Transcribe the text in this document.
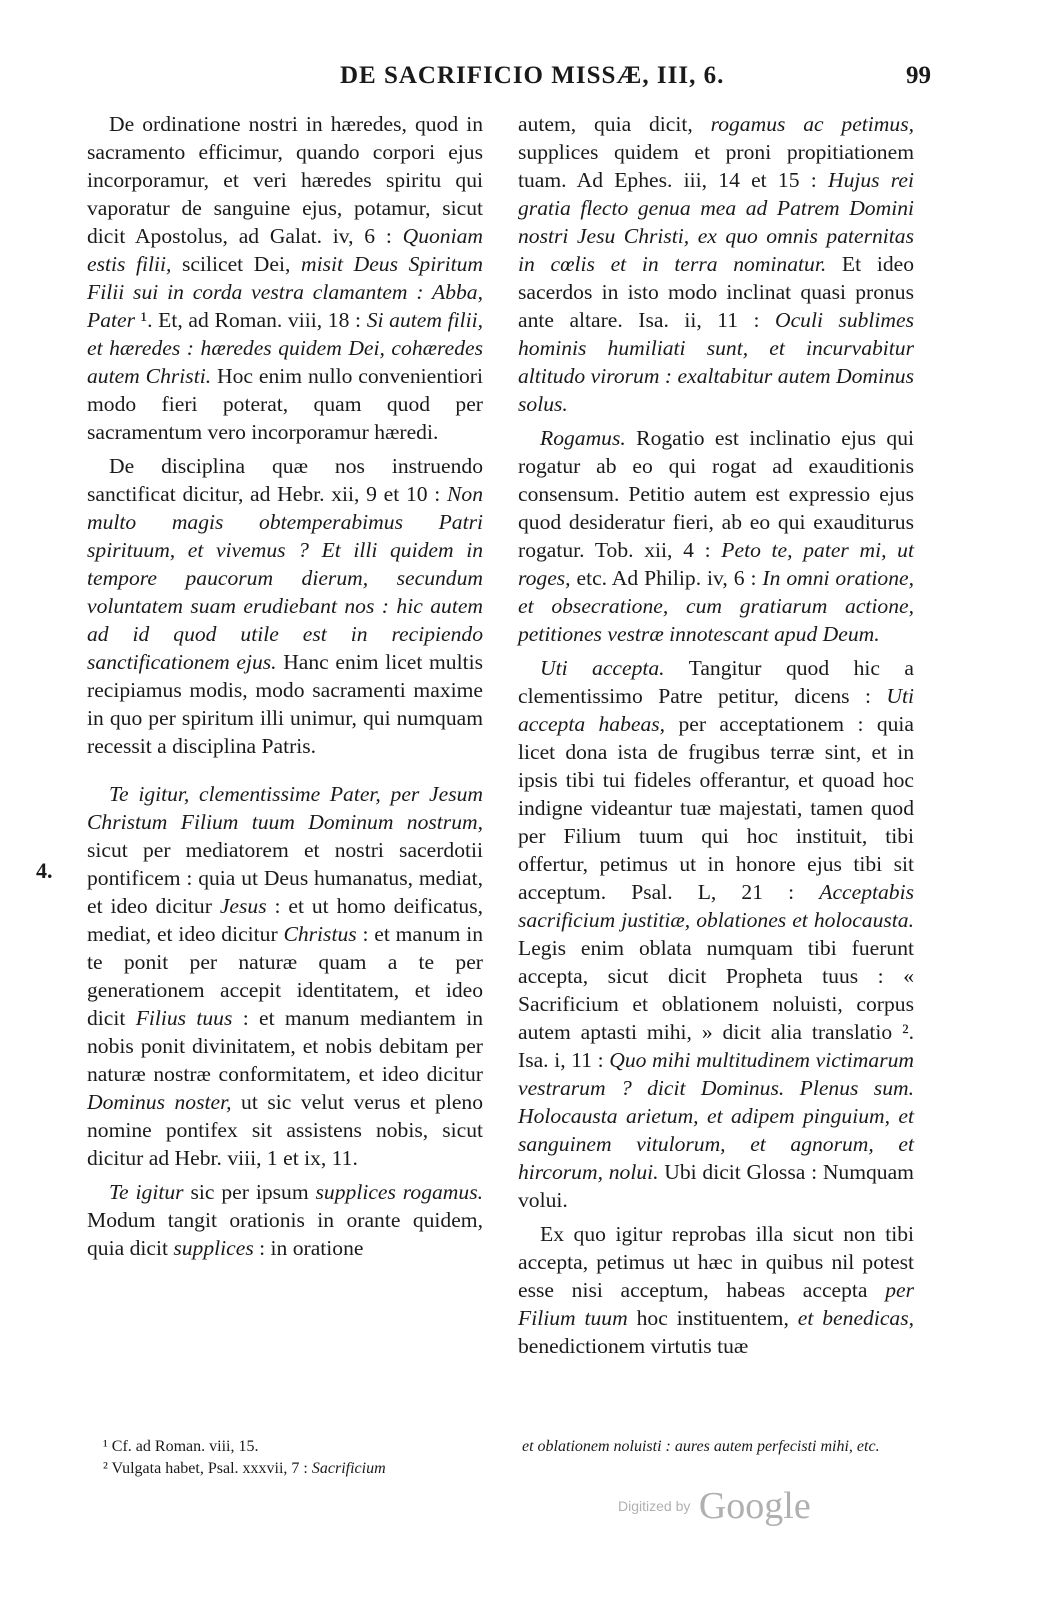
DE SACRIFICIO MISSÆ, III, 6.	99

De ordinatione nostri in hæredes, quod in sacramento efficimur, quando corpori ejus incorporamur, et veri hæredes spiritu qui vaporatur de sanguine ejus, potamur, sicut dicit Apostolus, ad Galat. iv, 6 : Quoniam estis filii, scilicet Dei, misit Deus Spiritum Filii sui in corda vestra clamantem : Abba, Pater ¹. Et, ad Roman. viii, 18 : Si autem filii, et hæredes : hæredes quidem Dei, cohæredes autem Christi. Hoc enim nullo convenientiori modo fieri poterat, quam quod per sacramentum vero incorporamur hæredi.

De disciplina quæ nos instruendo sanctificat dicitur, ad Hebr. xii, 9 et 10 : Non multo magis obtemperabimus Patri spirituum, et vivemus ? Et illi quidem in tempore paucorum dierum, secundum voluntatem suam erudiebant nos : hic autem ad id quod utile est in recipiendo sanctificationem ejus. Hanc enim licet multis recipiamus modis, modo sacramenti maxime in quo per spiritum illi unimur, qui numquam recessit a disciplina Patris.

Te igitur, clementissime Pater, per Jesum Christum Filium tuum Dominum nostrum, sicut per mediatorem et nostri sacerdotii pontificem : quia ut Deus humanatus, mediat, et ideo dicitur Jesus : et ut homo deificatus, mediat, et ideo dicitur Christus : et manum in te ponit per naturæ quam a te per generationem accepit identitatem, et ideo dicit Filius tuus : et manum mediantem in nobis ponit divinitatem, et nobis debitam per naturæ nostræ conformitatem, et ideo dicitur Dominus noster, ut sic velut verus et pleno nomine pontifex sit assistens nobis, sicut dicitur ad Hebr. viii, 1 et ix, 11.

Te igitur sic per ipsum supplices rogamus. Modum tangit orationis in orante quidem, quia dicit supplices : in oratione

4.

autem, quia dicit, rogamus ac petimus, supplices quidem et proni propitiationem tuam. Ad Ephes. iii, 14 et 15 : Hujus rei gratia flecto genua mea ad Patrem Domini nostri Jesu Christi, ex quo omnis paternitas in cœlis et in terra nominatur. Et ideo sacerdos in isto modo inclinat quasi pronus ante altare. Isa. ii, 11 : Oculi sublimes hominis humiliati sunt, et incurvabitur altitudo virorum : exaltabitur autem Dominus solus.

Rogamus. Rogatio est inclinatio ejus qui rogatur ab eo qui rogat ad exauditionis consensum. Petitio autem est expressio ejus quod desideratur fieri, ab eo qui exauditurus rogatur. Tob. xii, 4 : Peto te, pater mi, ut roges, etc. Ad Philip. iv, 6 : In omni oratione, et obsecratione, cum gratiarum actione, petitiones vestræ innotescant apud Deum.

Uti accepta. Tangitur quod hic a clementissimo Patre petitur, dicens : Uti accepta habeas, per acceptationem : quia licet dona ista de frugibus terræ sint, et in ipsis tibi tui fideles offerantur, et quoad hoc indigne videantur tuæ majestati, tamen quod per Filium tuum qui hoc instituit, tibi offertur, petimus ut in honore ejus tibi sit acceptum. Psal. L, 21 : Acceptabis sacrificium justitiæ, oblationes et holocausta. Legis enim oblata numquam tibi fuerunt accepta, sicut dicit Propheta tuus : « Sacrificium et oblationem noluisti, corpus autem aptasti mihi, » dicit alia translatio ². Isa. i, 11 : Quo mihi multitudinem victimarum vestrarum ? dicit Dominus. Plenus sum. Holocausta arietum, et adipem pinguium, et sanguinem vitulorum, et agnorum, et hircorum, nolui. Ubi dicit Glossa : Numquam volui.

Ex quo igitur reprobas illa sicut non tibi accepta, petimus ut hæc in quibus nil potest esse nisi acceptum, habeas accepta per Filium tuum hoc instituentem, et benedicas, benedictionem virtutis tuæ

¹ Cf. ad Roman. viii, 15.
² Vulgata habet, Psal. xxxvii, 7 : Sacrificium
et oblationem noluisti : aures autem perfecisti mihi, etc.
Digitized by Google
